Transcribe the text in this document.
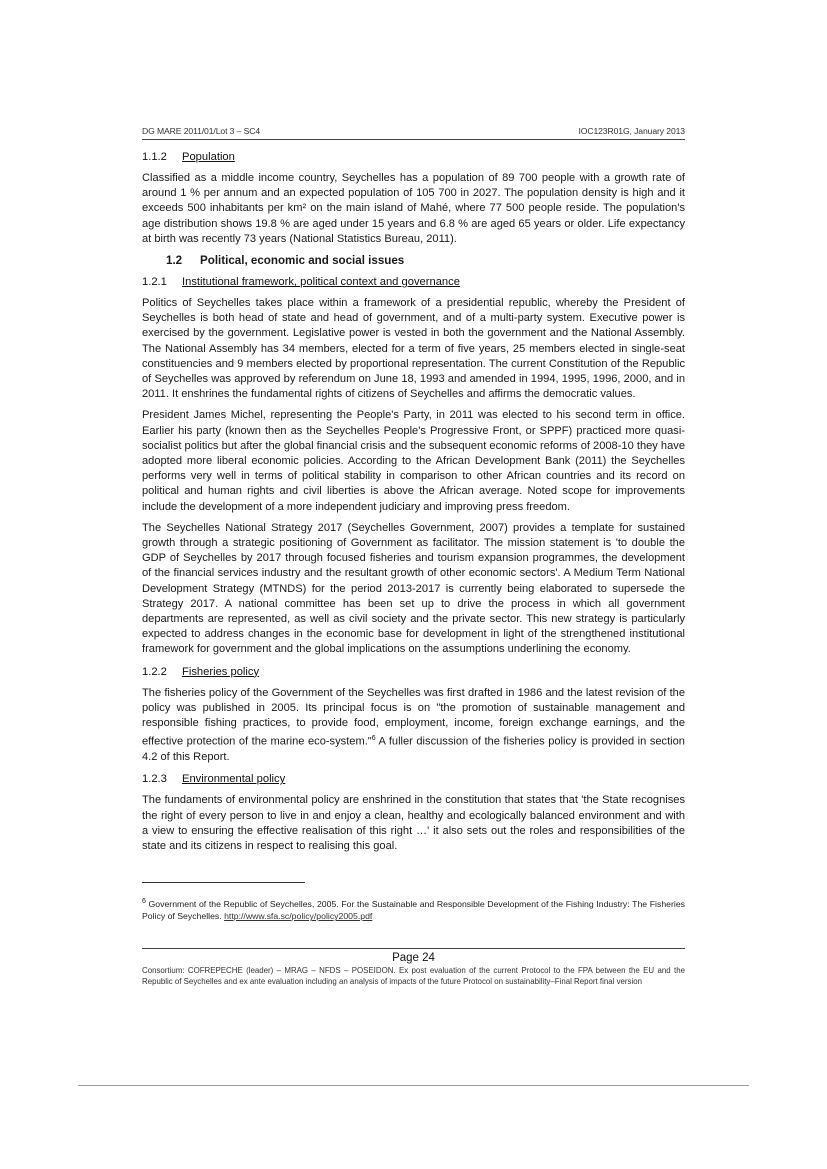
DG MARE 2011/01/Lot 3 – SC4	IOC123R01G, January 2013
1.1.2 Population

Classified as a middle income country, Seychelles has a population of 89 700 people with a growth rate of around 1 % per annum and an expected population of 105 700 in 2027. The population density is high and it exceeds 500 inhabitants per km² on the main island of Mahé, where 77 500 people reside. The population's age distribution shows 19.8 % are aged under 15 years and 6.8 % are aged 65 years or older. Life expectancy at birth was recently 73 years (National Statistics Bureau, 2011).

1.2 Political, economic and social issues
1.2.1 Institutional framework, political context and governance

Politics of Seychelles takes place within a framework of a presidential republic, whereby the President of Seychelles is both head of state and head of government, and of a multi-party system. Executive power is exercised by the government. Legislative power is vested in both the government and the National Assembly. The National Assembly has 34 members, elected for a term of five years, 25 members elected in single-seat constituencies and 9 members elected by proportional representation. The current Constitution of the Republic of Seychelles was approved by referendum on June 18, 1993 and amended in 1994, 1995, 1996, 2000, and in 2011. It enshrines the fundamental rights of citizens of Seychelles and affirms the democratic values.

President James Michel, representing the People's Party, in 2011 was elected to his second term in office. Earlier his party (known then as the Seychelles People's Progressive Front, or SPPF) practiced more quasi-socialist politics but after the global financial crisis and the subsequent economic reforms of 2008-10 they have adopted more liberal economic policies. According to the African Development Bank (2011) the Seychelles performs very well in terms of political stability in comparison to other African countries and its record on political and human rights and civil liberties is above the African average. Noted scope for improvements include the development of a more independent judiciary and improving press freedom.

The Seychelles National Strategy 2017 (Seychelles Government, 2007) provides a template for sustained growth through a strategic positioning of Government as facilitator. The mission statement is 'to double the GDP of Seychelles by 2017 through focused fisheries and tourism expansion programmes, the development of the financial services industry and the resultant growth of other economic sectors'. A Medium Term National Development Strategy (MTNDS) for the period 2013-2017 is currently being elaborated to supersede the Strategy 2017. A national committee has been set up to drive the process in which all government departments are represented, as well as civil society and the private sector. This new strategy is particularly expected to address changes in the economic base for development in light of the strengthened institutional framework for government and the global implications on the assumptions underlining the economy.

1.2.2 Fisheries policy

The fisheries policy of the Government of the Seychelles was first drafted in 1986 and the latest revision of the policy was published in 2005. Its principal focus is on "the promotion of sustainable management and responsible fishing practices, to provide food, employment, income, foreign exchange earnings, and the effective protection of the marine eco-system."$^6$ A fuller discussion of the fisheries policy is provided in section 4.2 of this Report.

1.2.3 Environmental policy

The fundaments of environmental policy are enshrined in the constitution that states that 'the State recognises the right of every person to live in and enjoy a clean, healthy and ecologically balanced environment and with a view to ensuring the effective realisation of this right …' it also sets out the roles and responsibilities of the state and its citizens in respect to realising this goal.

$^6$ Government of the Republic of Seychelles, 2005. For the Sustainable and Responsible Development of the Fishing Industry: The Fisheries Policy of Seychelles. http://www.sfa.sc/policy/policy2005.pdf
Page 24
Consortium: COFREPECHE (leader) – MRAG – NFDS – POSEIDON. Ex post evaluation of the current Protocol to the FPA between the EU and the Republic of Seychelles and ex ante evaluation including an analysis of impacts of the future Protocol on sustainability–Final Report final version
